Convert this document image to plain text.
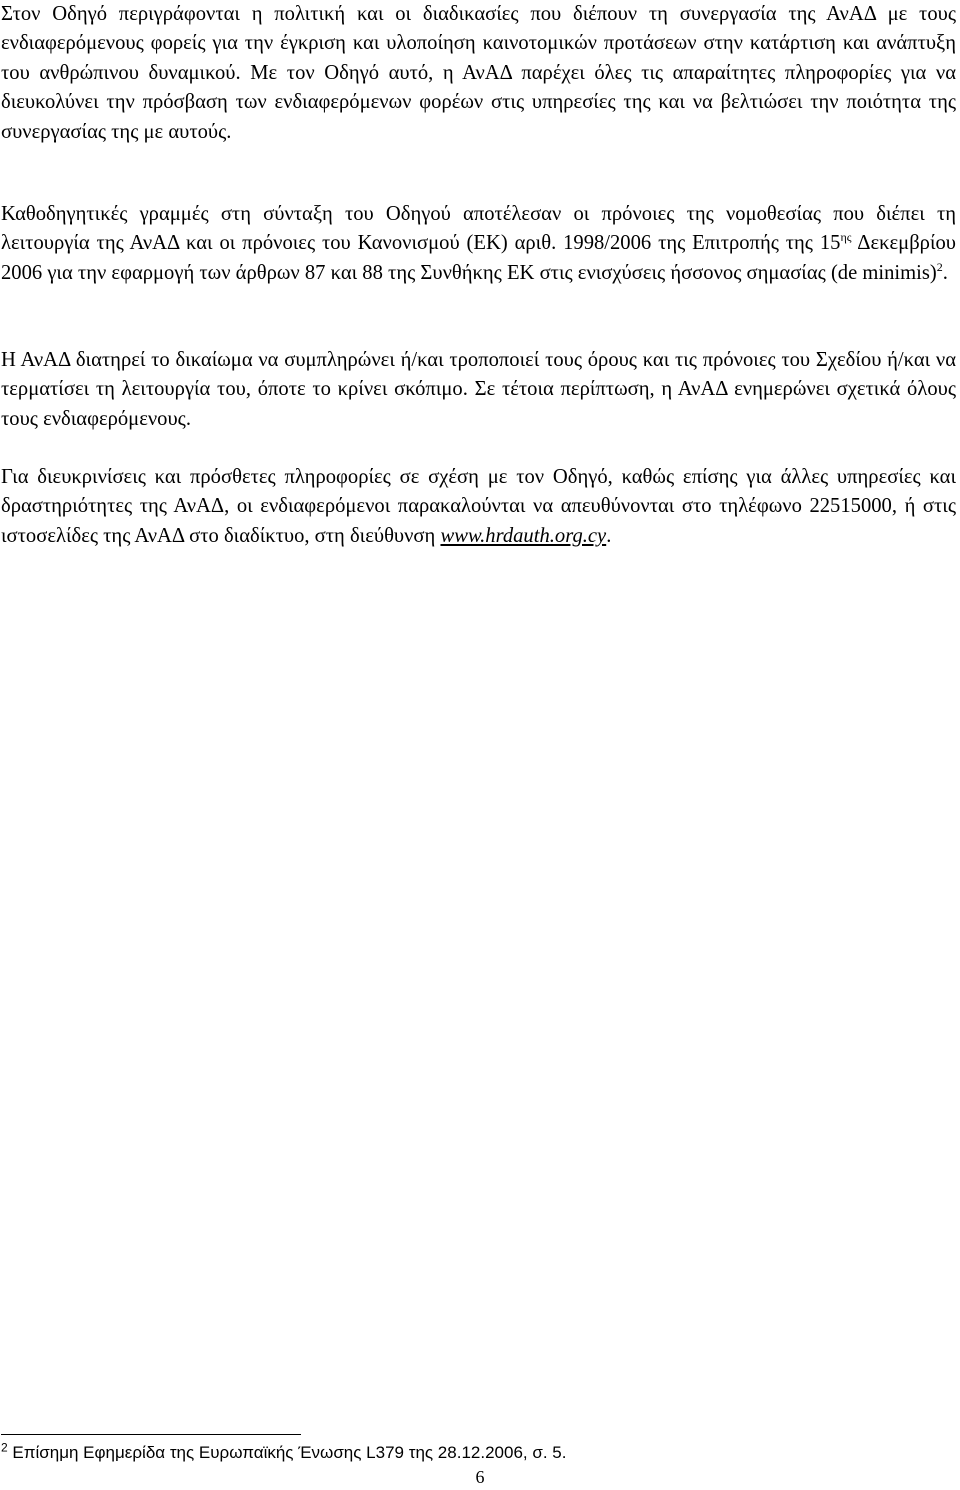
Στον Οδηγό περιγράφονται η πολιτική και οι διαδικασίες που διέπουν τη συνεργασία της ΑνΑΔ με τους ενδιαφερόμενους φορείς για την έγκριση και υλοποίηση καινοτομικών προτάσεων στην κατάρτιση και ανάπτυξη του ανθρώπινου δυναμικού. Με τον Οδηγό αυτό, η ΑνΑΔ παρέχει όλες τις απαραίτητες πληροφορίες για να διευκολύνει την πρόσβαση των ενδιαφερόμενων φορέων στις υπηρεσίες της και να βελτιώσει την ποιότητα της συνεργασίας της με αυτούς.

Καθοδηγητικές γραμμές στη σύνταξη του Οδηγού αποτέλεσαν οι πρόνοιες της νομοθεσίας που διέπει τη λειτουργία της ΑνΑΔ και οι πρόνοιες του Κανονισμού (ΕΚ) αριθ. 1998/2006 της Επιτροπής της $15^{\eta\varsigma}$ Δεκεμβρίου 2006 για την εφαρμογή των άρθρων 87 και 88 της Συνθήκης ΕΚ στις ενισχύσεις ήσσονος σημασίας (de minimis)$^2$.

Η ΑνΑΔ διατηρεί το δικαίωμα να συμπληρώνει ή/και τροποποιεί τους όρους και τις πρόνοιες του Σχεδίου ή/και να τερματίσει τη λειτουργία του, όποτε το κρίνει σκόπιμο. Σε τέτοια περίπτωση, η ΑνΑΔ ενημερώνει σχετικά όλους τους ενδιαφερόμενους.

Για διευκρινίσεις και πρόσθετες πληροφορίες σε σχέση με τον Οδηγό, καθώς επίσης για άλλες υπηρεσίες και δραστηριότητες της ΑνΑΔ, οι ενδιαφερόμενοι παρακαλούνται να απευθύνονται στο τηλέφωνο 22515000, ή στις ιστοσελίδες της ΑνΑΔ στο διαδίκτυο, στη διεύθυνση www.hrdauth.org.cy.

$^2$ Επίσημη Εφημερίδα της Ευρωπαϊκής Ένωσης L379 της 28.12.2006, σ. 5.

6
